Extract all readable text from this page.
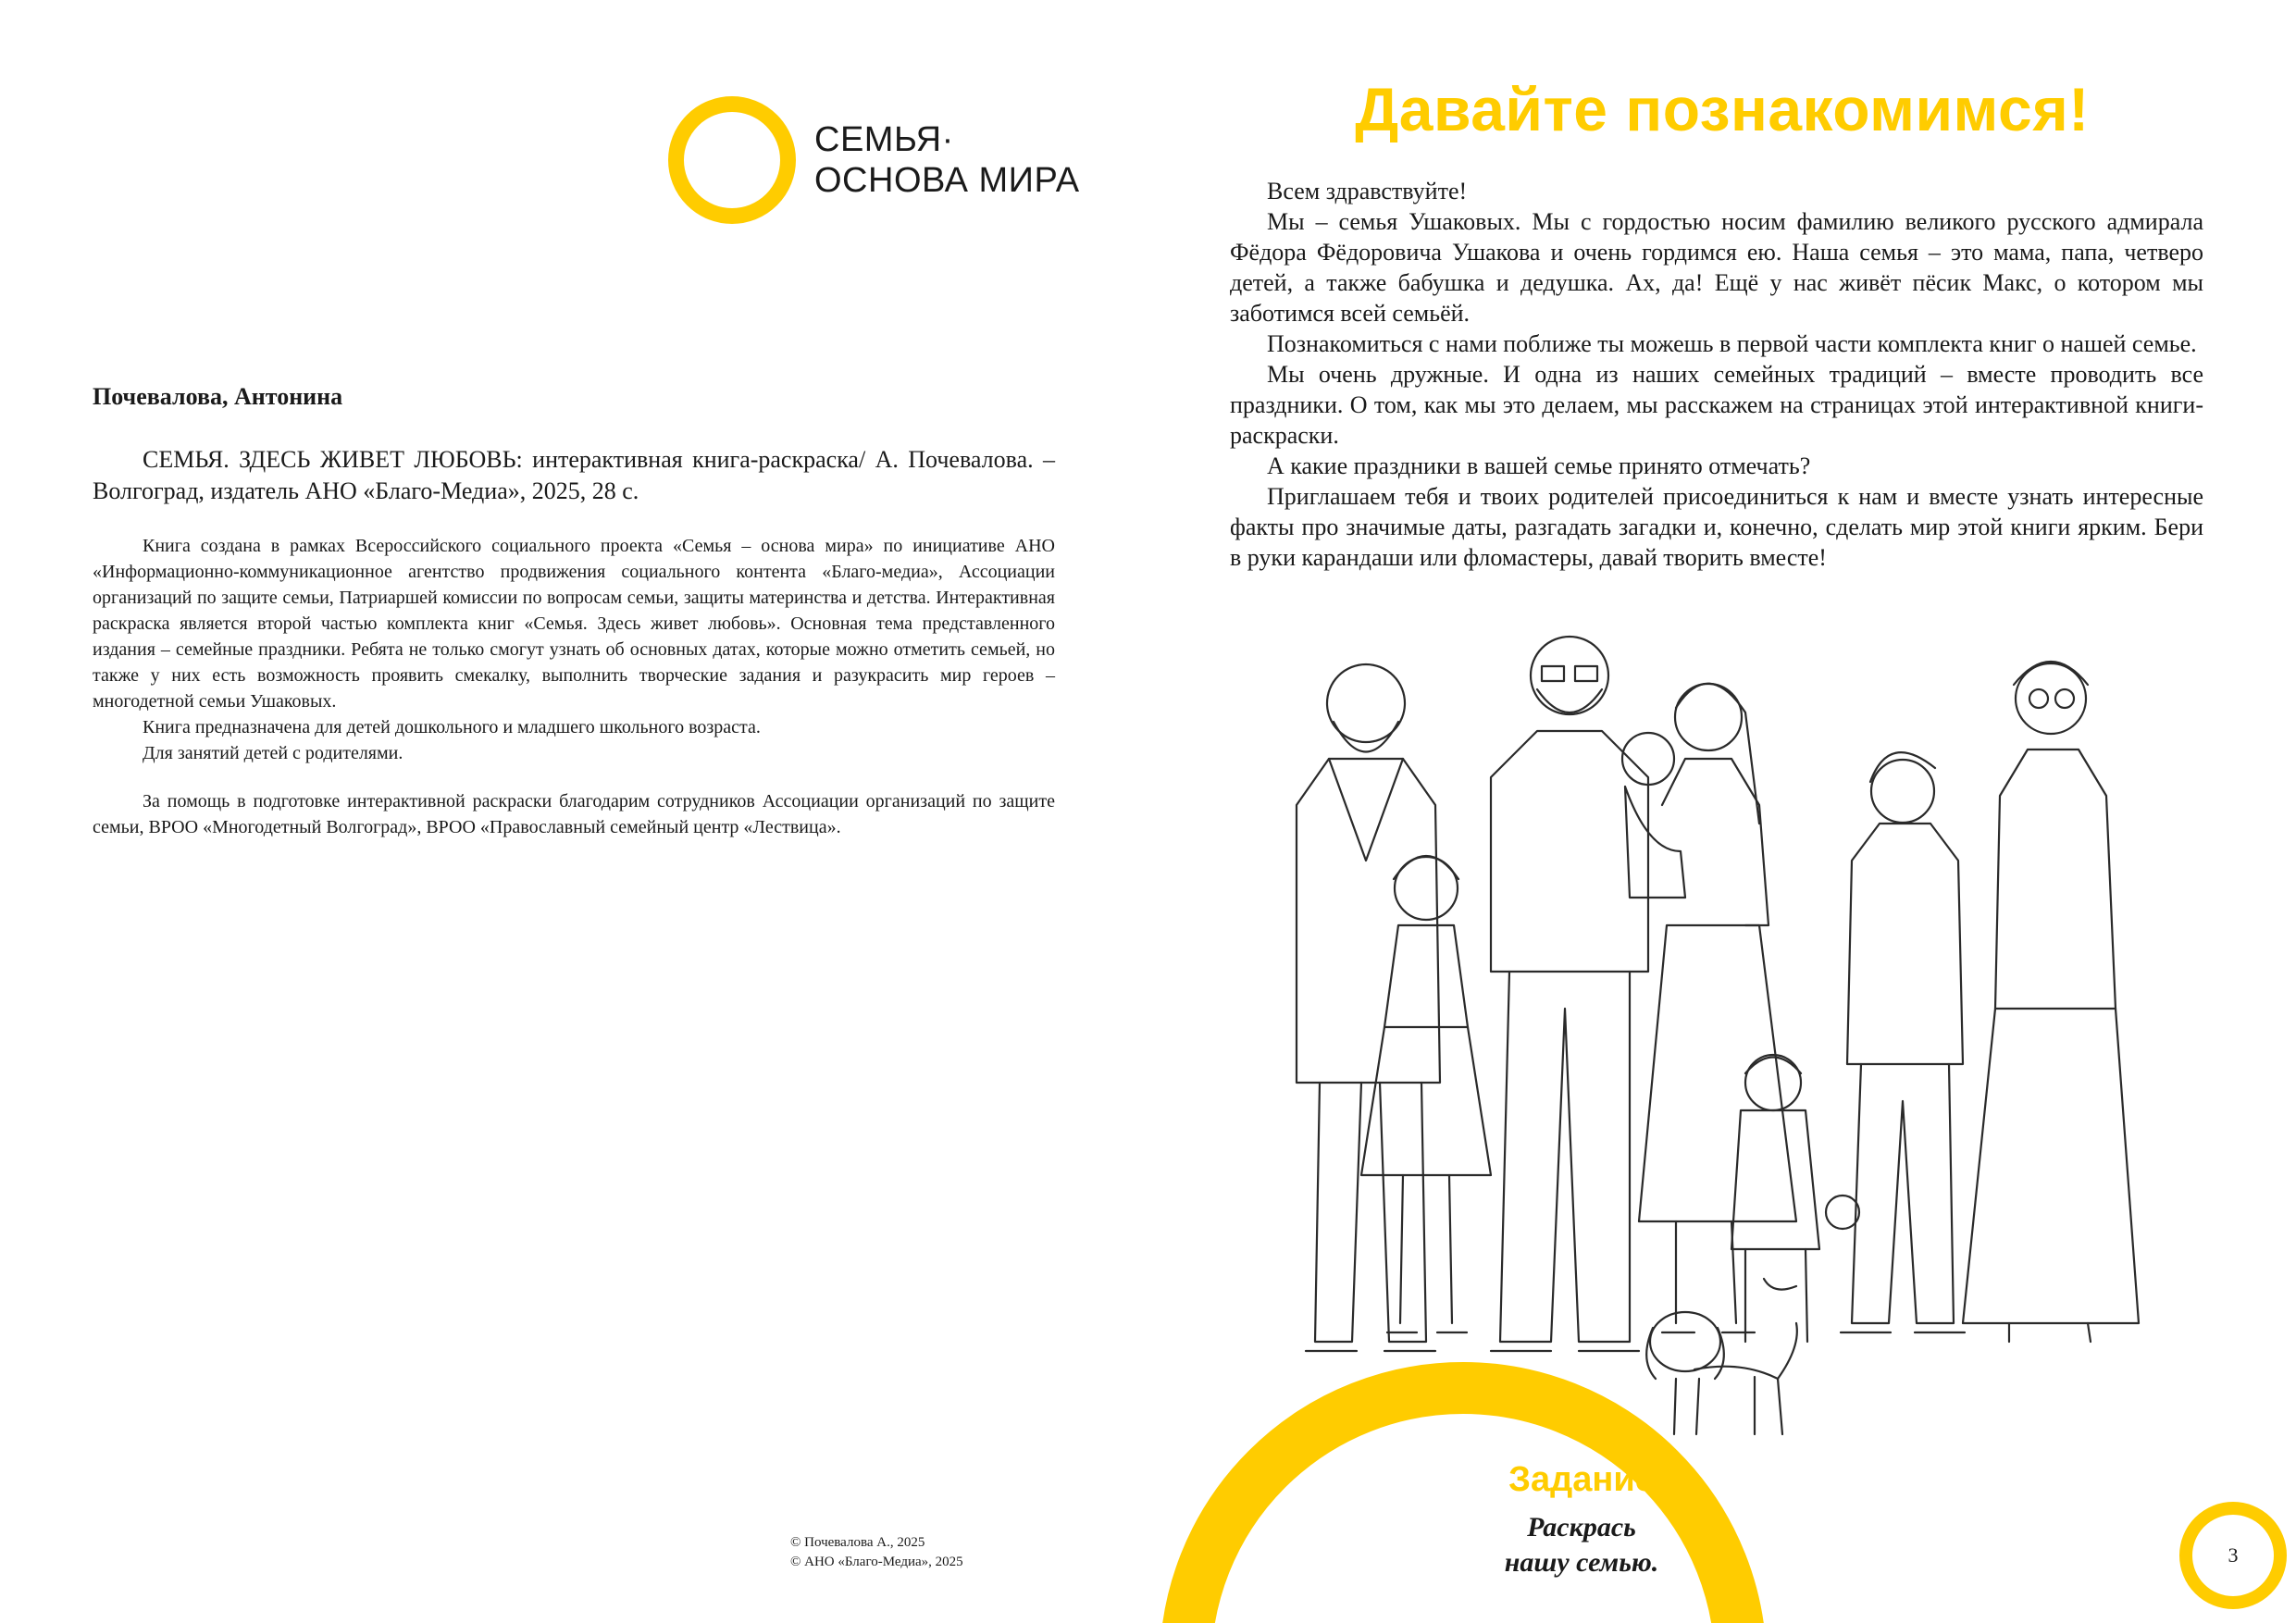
СЕМЬЯ·
ОСНОВА МИРА
Почевалова, Антонина
СЕМЬЯ. ЗДЕСЬ ЖИВЕТ ЛЮБОВЬ: интерактивная книга-раскраска/ А. Почевалова. – Волгоград, издатель АНО «Благо-Медиа», 2025, 28 с.

Книга создана в рамках Всероссийского социального проекта «Семья – основа мира» по инициативе АНО «Информационно-коммуникационное агентство продвижения социального контента «Благо-медиа», Ассоциации организаций по защите семьи, Патриаршей комиссии по вопросам семьи, защиты материнства и детства. Интерактивная раскраска является второй частью комплекта книг «Семья. Здесь живет любовь». Основная тема представленного издания – семейные праздники. Ребята не только смогут узнать об основных датах, которые можно отметить семьей, но также у них есть возможность проявить смекалку, выполнить творческие задания и разукрасить мир героев – многодетной семьи Ушаковых.

Книга предназначена для детей дошкольного и младшего школьного возраста.

Для занятий детей с родителями.

За помощь в подготовке интерактивной раскраски благодарим сотрудников Ассоциации организаций по защите семьи, ВРОО «Многодетный Волгоград», ВРОО «Православный семейный центр «Лествица».
© Почевалова А., 2025
© АНО «Благо-Медиа», 2025
Давайте познакомимся!

Всем здравствуйте!

Мы – семья Ушаковых. Мы с гордостью носим фамилию великого русского адмирала Фёдора Фёдоровича Ушакова и очень гордимся ею. Наша семья – это мама, папа, четверо детей, а также бабушка и дедушка. Ах, да! Ещё у нас живёт пёсик Макс, о котором мы заботимся всей семьёй.

Познакомиться с нами поближе ты можешь в первой части комплекта книг о нашей семье.

Мы очень дружные. И одна из наших семейных традиций – вместе проводить все праздники. О том, как мы это делаем, мы расскажем на страницах этой интерактивной книги-раскраски.

А какие праздники в вашей семье принято отмечать?

Приглашаем тебя и твоих родителей присоединиться к нам и вместе узнать интересные факты про значимые даты, разгадать загадки и, конечно, сделать мир этой книги ярким. Бери в руки карандаши или фломастеры, давай творить вместе!

Задание
Раскрась
нашу семью.	3
